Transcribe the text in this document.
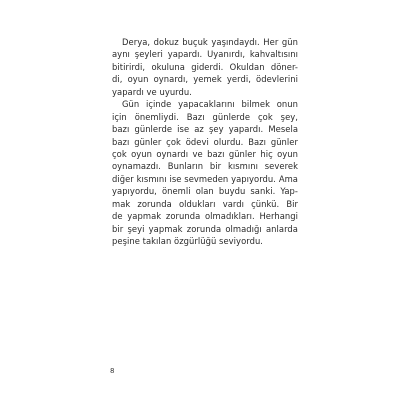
Derya, dokuz buçuk yaşındaydı. Her gün
aynı şeyleri yapardı. Uyanırdı, kahvaltısını
bitirirdi, okuluna giderdi. Okuldan döner-
di, oyun oynardı, yemek yerdi, ödevlerini
yapardı ve uyurdu.
Gün içinde yapacaklarını bilmek onun
için önemliydi. Bazı günlerde çok şey,
bazı günlerde ise az şey yapardı. Mesela
bazı günler çok ödevi olurdu. Bazı günler
çok oyun oynardı ve bazı günler hiç oyun
oynamazdı. Bunların bir kısmını severek
diğer kısmını ise sevmeden yapıyordu. Ama
yapıyordu, önemli olan buydu sanki. Yap-
mak zorunda oldukları vardı çünkü. Bir
de yapmak zorunda olmadıkları. Herhangi
bir şeyi yapmak zorunda olmadığı anlarda
peşine takılan özgürlüğü seviyordu.
8
